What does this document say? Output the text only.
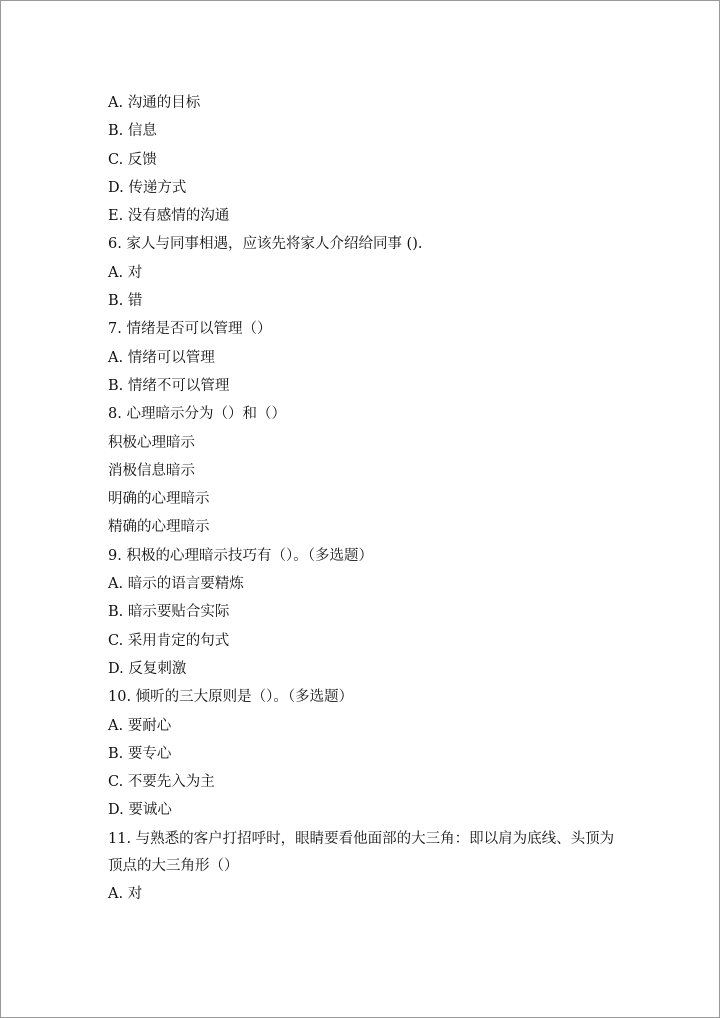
A. 沟通的目标
B. 信息
C. 反馈
D. 传递方式
E. 没有感情的沟通
6. 家人与同事相遇，应该先将家人介绍给同事 ().
A. 对
B. 错
7. 情绪是否可以管理（）
A. 情绪可以管理
B. 情绪不可以管理
8. 心理暗示分为（）和（）
积极心理暗示
消极信息暗示
明确的心理暗示
精确的心理暗示
9. 积极的心理暗示技巧有（）。（多选题）
A. 暗示的语言要精炼
B. 暗示要贴合实际
C. 采用肯定的句式
D. 反复刺激
10. 倾听的三大原则是（）。（多选题）
A. 要耐心
B. 要专心
C. 不要先入为主
D. 要诚心
11. 与熟悉的客户打招呼时，眼睛要看他面部的大三角：即以肩为底线、头顶为
顶点的大三角形（）
A. 对
